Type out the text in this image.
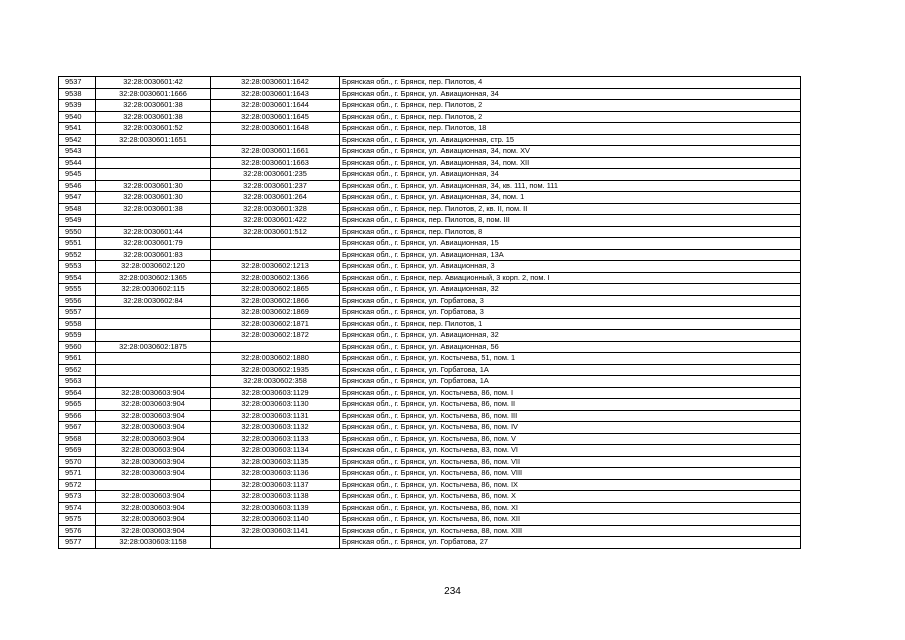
9537	32:28:0030601:42	32:28:0030601:1642	Брянская обл., г. Брянск, пер. Пилотов, 4
9538	32:28:0030601:1666	32:28:0030601:1643	Брянская обл., г. Брянск, ул. Авиационная, 34
9539	32:28:0030601:38	32:28:0030601:1644	Брянская обл., г. Брянск, пер. Пилотов, 2
9540	32:28:0030601:38	32:28:0030601:1645	Брянская обл., г. Брянск, пер. Пилотов, 2
9541	32:28:0030601:52	32:28:0030601:1648	Брянская обл., г. Брянск, пер. Пилотов, 18
9542	32:28:0030601:1651		Брянская обл., г. Брянск, ул. Авиационная, стр. 15
9543		32:28:0030601:1661	Брянская обл., г. Брянск, ул. Авиационная, 34, пом. XV
9544		32:28:0030601:1663	Брянская обл., г. Брянск, ул. Авиационная, 34, пом. XII
9545		32:28:0030601:235	Брянская обл., г. Брянск, ул. Авиационная, 34
9546	32:28:0030601:30	32:28:0030601:237	Брянская обл., г. Брянск, ул. Авиационная, 34, кв. 111, пом. 111
9547	32:28:0030601:30	32:28:0030601:264	Брянская обл., г. Брянск, ул. Авиационная, 34, пом. 1
9548	32:28:0030601:38	32:28:0030601:328	Брянская обл., г. Брянск, пер. Пилотов, 2, кв. II, пом. II
9549		32:28:0030601:422	Брянская обл., г. Брянск, пер. Пилотов, 8, пом. III
9550	32:28:0030601:44	32:28:0030601:512	Брянская обл., г. Брянск, пер. Пилотов, 8
9551	32:28:0030601:79		Брянская обл., г. Брянск, ул. Авиационная, 15
9552	32:28:0030601:83		Брянская обл., г. Брянск, ул. Авиационная, 13А
9553	32:28:0030602:120	32:28:0030602:1213	Брянская обл., г. Брянск, ул. Авиационная, 3
9554	32:28:0030602:1365	32:28:0030602:1366	Брянская обл., г. Брянск, пер. Авиационный, 3 корп. 2, пом. I
9555	32:28:0030602:115	32:28:0030602:1865	Брянская обл., г. Брянск, ул. Авиационная, 32
9556	32:28:0030602:84	32:28:0030602:1866	Брянская обл., г. Брянск, ул. Горбатова, 3
9557		32:28:0030602:1869	Брянская обл., г. Брянск, ул. Горбатова, 3
9558		32:28:0030602:1871	Брянская обл., г. Брянск, пер. Пилотов, 1
9559		32:28:0030602:1872	Брянская обл., г. Брянск, ул. Авиационная, 32
9560	32:28:0030602:1875		Брянская обл., г. Брянск, ул. Авиационная, 56
9561		32:28:0030602:1880	Брянская обл., г. Брянск, ул. Костычева, 51, пом. 1
9562		32:28:0030602:1935	Брянская обл., г. Брянск, ул. Горбатова, 1А
9563		32:28:0030602:358	Брянская обл., г. Брянск, ул. Горбатова, 1А
9564	32:28:0030603:904	32:28:0030603:1129	Брянская обл., г. Брянск, ул. Костычева, 86, пом. I
9565	32:28:0030603:904	32:28:0030603:1130	Брянская обл., г. Брянск, ул. Костычева, 86, пом. II
9566	32:28:0030603:904	32:28:0030603:1131	Брянская обл., г. Брянск, ул. Костычева, 86, пом. III
9567	32:28:0030603:904	32:28:0030603:1132	Брянская обл., г. Брянск, ул. Костычева, 86, пом. IV
9568	32:28:0030603:904	32:28:0030603:1133	Брянская обл., г. Брянск, ул. Костычева, 86, пом. V
9569	32:28:0030603:904	32:28:0030603:1134	Брянская обл., г. Брянск, ул. Костычева, 83, пом. VI
9570	32:28:0030603:904	32:28:0030603:1135	Брянская обл., г. Брянск, ул. Костычева, 86, пом. VII
9571	32:28:0030603:904	32:28:0030603:1136	Брянская обл., г. Брянск, ул. Костычева, 86, пом. VIII
9572		32:28:0030603:1137	Брянская обл., г. Брянск, ул. Костычева, 86, пом. IX
9573	32:28:0030603:904	32:28:0030603:1138	Брянская обл., г. Брянск, ул. Костычева, 86, пом. X
9574	32:28:0030603:904	32:28:0030603:1139	Брянская обл., г. Брянск, ул. Костычева, 86, пом. XI
9575	32:28:0030603:904	32:28:0030603:1140	Брянская обл., г. Брянск, ул. Костычева, 86, пом. XII
9576	32:28:0030603:904	32:28:0030603:1141	Брянская обл., г. Брянск, ул. Костычева, 88, пом. XIII
9577	32:28:0030603:1158		Брянская обл., г. Брянск, ул. Горбатова, 27
234
